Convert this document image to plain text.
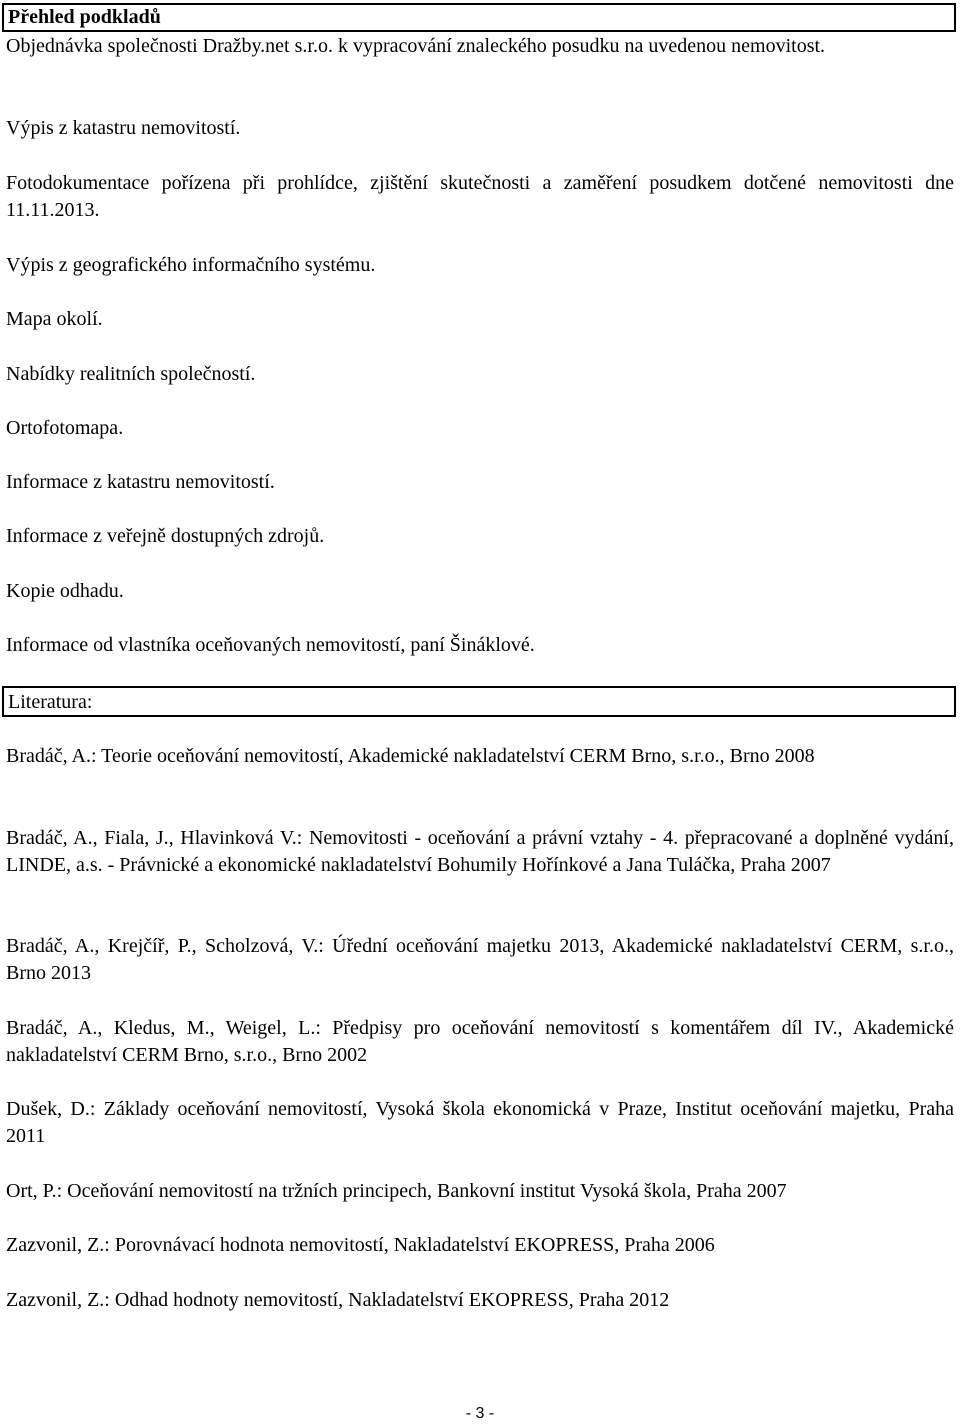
Přehled podkladů
Objednávka společnosti Dražby.net s.r.o. k vypracování znaleckého posudku na uvedenou nemovitost.
Výpis z katastru nemovitostí.
Fotodokumentace pořízena při prohlídce, zjištění skutečnosti a zaměření posudkem dotčené nemovitosti dne 11.11.2013.
Výpis z geografického informačního systému.
Mapa okolí.
Nabídky realitních společností.
Ortofotomapa.
Informace z katastru nemovitostí.
Informace z veřejně dostupných zdrojů.
Kopie odhadu.
Informace od vlastníka oceňovaných nemovitostí, paní Šináklové.
Literatura:
Bradáč, A.: Teorie oceňování nemovitostí, Akademické nakladatelství CERM Brno, s.r.o., Brno 2008
Bradáč, A., Fiala, J., Hlavinková V.: Nemovitosti - oceňování a právní vztahy - 4. přepracované a doplněné vydání, LINDE, a.s. - Právnické a ekonomické nakladatelství Bohumily Hořínkové a Jana Tuláčka, Praha 2007
Bradáč, A., Krejčíř, P., Scholzová, V.: Úřední oceňování majetku 2013, Akademické nakladatelství CERM, s.r.o., Brno 2013
Bradáč, A., Kledus, M., Weigel, L.: Předpisy pro oceňování nemovitostí s komentářem díl IV., Akademické nakladatelství CERM Brno, s.r.o., Brno 2002
Dušek, D.: Základy oceňování nemovitostí, Vysoká škola ekonomická v Praze, Institut oceňování majetku, Praha 2011
Ort, P.: Oceňování nemovitostí na tržních principech, Bankovní institut Vysoká škola, Praha 2007
Zazvonil, Z.: Porovnávací hodnota nemovitostí, Nakladatelství EKOPRESS, Praha 2006
Zazvonil, Z.: Odhad hodnoty nemovitostí, Nakladatelství EKOPRESS, Praha 2012
- 3 -
